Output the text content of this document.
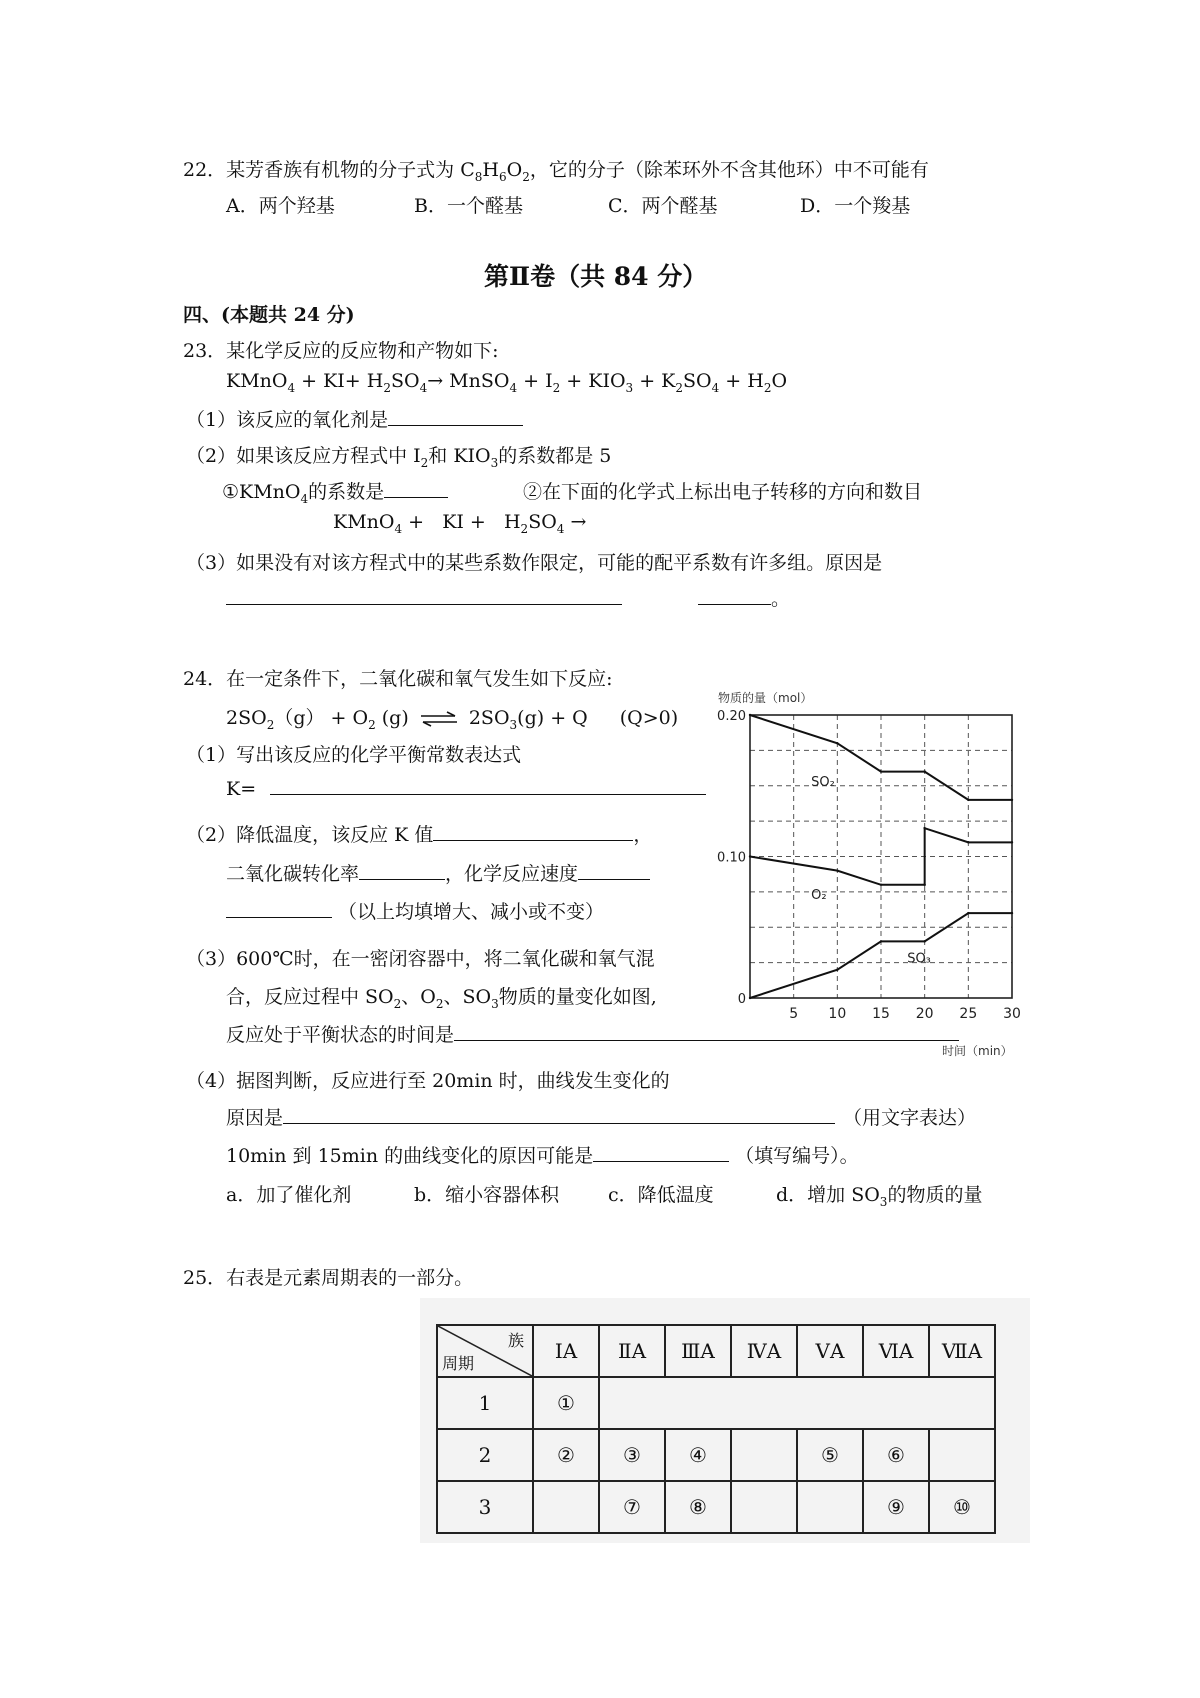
22．某芳香族有机物的分子式为 $C_8H_6O_2$，它的分子（除苯环外不含其他环）中不可能有
A．两个羟基	B．一个醛基	C．两个醛基	D．一个羧基
第Ⅱ卷（共 84 分）
四、(本题共 24 分)
23．某化学反应的反应物和产物如下:
KMnO$_4$ + $KI+ H_2SO_4\to$ MnSO$_4$ + $I_2 + KIO_3 + K_2SO_4 + H_2O$
（1）该反应的氧化剂是
（2）如果该反应方程式中 $I_2$和 $KIO_3$的系数都是 5
①KMnO$_4$的系数是	②在下面的化学式上标出电子转移的方向和数目
KMnO$_4$ +   KI +   $H_2SO_4$ →
（3）如果没有对该方程式中的某些系数作限定，可能的配平系数有许多组。原因是
。
24．在一定条件下，二氧化碳和氧气发生如下反应:
$2SO_2(g) + O_2$ (g) ⇌ $2SO_3(g) + Q$ (Q>0)
（1）写出该反应的化学平衡常数表达式
K=
（2）降低温度，该反应 K 值	，
二氧化碳转化率	，化学反应速度
（以上均填增大、减小或不变）
（3）600℃时，在一密闭容器中，将二氧化碳和氧气混
合，反应过程中 $SO_2$、$O_2$、$SO_3$物质的量变化如图,
反应处于平衡状态的时间是
（4）据图判断，反应进行至 20min 时，曲线发生变化的
原因是	（用文字表达）
10min 到 15min 的曲线变化的原因可能是	（填写编号）。
a．加了催化剂	b．缩小容器体积	c．降低温度	d．增加 $SO_3$的物质的量
物质的量（mol）
时间（min）
5 10 15 20 25 30
0
0.10
0.20
SO₂
O₂
SO₃
25．右表是元素周期表的一部分。
族
周期	ⅠA	ⅡA	ⅢA	ⅣA	ⅤA	ⅥA	ⅦA
1	①						
2	②	③	④		⑤	⑥	
3		⑦	⑧			⑨	⑩
